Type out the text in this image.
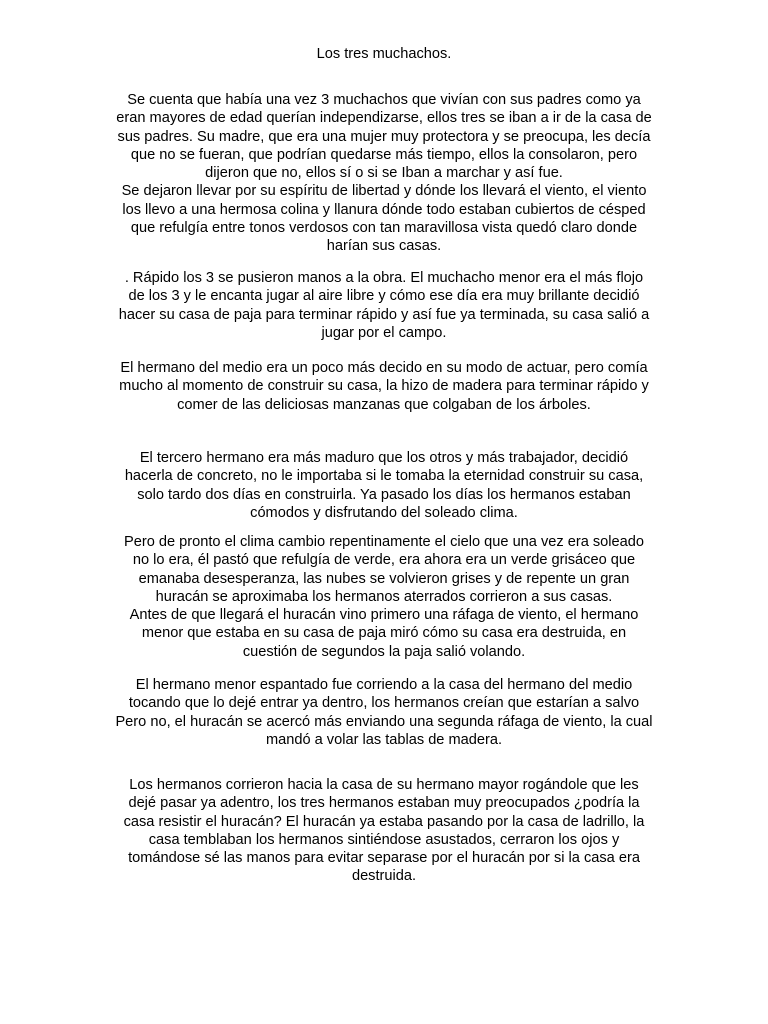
Los tres muchachos.

Se cuenta que había una vez 3 muchachos que vivían con sus padres como ya
eran mayores de edad querían independizarse, ellos tres se iban a ir de la casa de
sus padres. Su madre, que era una mujer muy protectora y se preocupa, les decía
que no se fueran, que podrían quedarse más tiempo, ellos la consolaron, pero
dijeron que no, ellos sí o si se Iban a marchar y así fue.
Se dejaron llevar por su espíritu de libertad y dónde los llevará el viento, el viento
los llevo a una hermosa colina y llanura dónde todo estaban cubiertos de césped
que refulgía entre tonos verdosos con tan maravillosa vista quedó claro donde
harían sus casas.

. Rápido los 3 se pusieron manos a la obra. El muchacho menor era el más flojo
de los 3 y le encanta jugar al aire libre y cómo ese día era muy brillante decidió
hacer su casa de paja para terminar rápido y así fue ya terminada, su casa salió a
jugar por el campo.

El hermano del medio era un poco más decido en su modo de actuar, pero comía
mucho al momento de construir su casa, la hizo de madera para terminar rápido y
comer de las deliciosas manzanas que colgaban de los árboles.

El tercero hermano era más maduro que los otros y más trabajador, decidió
hacerla de concreto, no le importaba si le tomaba la eternidad construir su casa,
solo tardo dos días en construirla. Ya pasado los días los hermanos estaban
cómodos y disfrutando del soleado clima.

Pero de pronto el clima cambio repentinamente el cielo que una vez era soleado
no lo era, él pastó que refulgía de verde, era ahora era un verde grisáceo que
emanaba desesperanza, las nubes se volvieron grises y de repente un gran
huracán se aproximaba los hermanos aterrados corrieron a sus casas.
Antes de que llegará el huracán vino primero una ráfaga de viento, el hermano
menor que estaba en su casa de paja miró cómo su casa era destruida, en
cuestión de segundos la paja salió volando.

El hermano menor espantado fue corriendo a la casa del hermano del medio
tocando que lo dejé entrar ya dentro, los hermanos creían que estarían a salvo
Pero no, el huracán se acercó más enviando una segunda ráfaga de viento, la cual
mandó a volar las tablas de madera.

Los hermanos corrieron hacia la casa de su hermano mayor rogándole que les
dejé pasar ya adentro, los tres hermanos estaban muy preocupados ¿podría la
casa resistir el huracán? El huracán ya estaba pasando por la casa de ladrillo, la
casa temblaban los hermanos sintiéndose asustados, cerraron los ojos y
tomándose sé las manos para evitar separase por el huracán por si la casa era
destruida.
